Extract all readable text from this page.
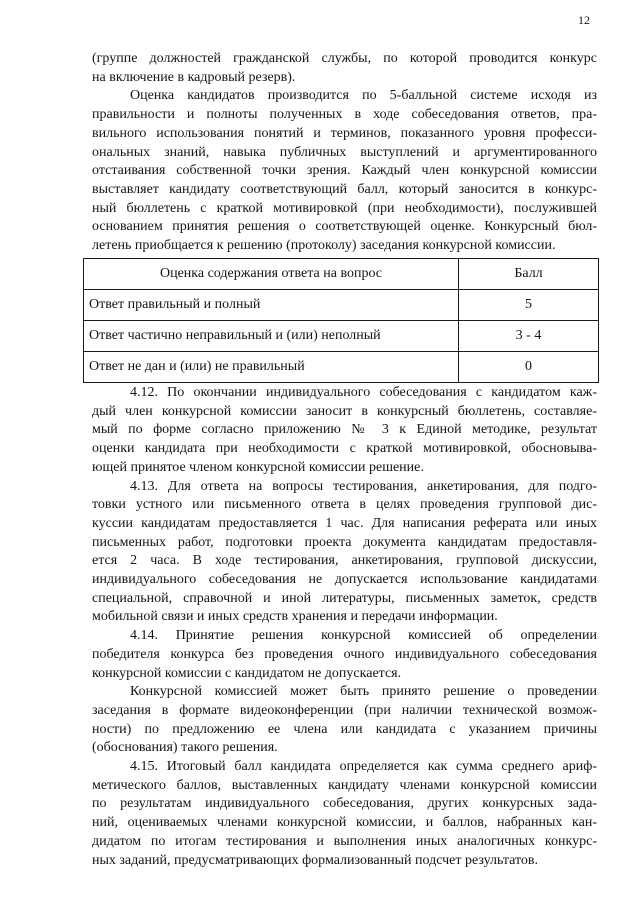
12

(группе должностей гражданской службы, по которой проводится конкурс
на включение в кадровый резерв).

Оценка кандидатов производится по 5-балльной системе исходя из
правильности и полноты полученных в ходе собеседования ответов, пра-
вильного использования понятий и терминов, показанного уровня професси-
ональных знаний, навыка публичных выступлений и аргументированного
отстаивания собственной точки зрения. Каждый член конкурсной комиссии
выставляет кандидату соответствующий балл, который заносится в конкурс-
ный бюллетень с краткой мотивировкой (при необходимости), послужившей
основанием принятия решения о соответствующей оценке. Конкурсный бюл-
летень приобщается к решению (протоколу) заседания конкурсной комиссии.

Оценка содержания ответа на вопрос	Балл
Ответ правильный и полный	5
Ответ частично неправильный и (или) неполный	3 - 4
Ответ не дан и (или) не правильный	0

4.12. По окончании индивидуального собеседования с кандидатом каж-
дый член конкурсной комиссии заносит в конкурсный бюллетень, составляе-
мый по форме согласно приложению № 3 к Единой методике, результат
оценки кандидата при необходимости с краткой мотивировкой, обосновыва-
ющей принятое членом конкурсной комиссии решение.

4.13. Для ответа на вопросы тестирования, анкетирования, для подго-
товки устного или письменного ответа в целях проведения групповой дис-
куссии кандидатам предоставляется 1 час. Для написания реферата или иных
письменных работ, подготовки проекта документа кандидатам предоставля-
ется 2 часа. В ходе тестирования, анкетирования, групповой дискуссии,
индивидуального собеседования не допускается использование кандидатами
специальной, справочной и иной литературы, письменных заметок, средств
мобильной связи и иных средств хранения и передачи информации.

4.14. Принятие решения конкурсной комиссией об определении
победителя конкурса без проведения очного индивидуального собеседования
конкурсной комиссии с кандидатом не допускается.

Конкурсной комиссией может быть принято решение о проведении
заседания в формате видеоконференции (при наличии технической возмож-
ности) по предложению ее члена или кандидата с указанием причины
(обоснования) такого решения.

4.15. Итоговый балл кандидата определяется как сумма среднего ариф-
метического баллов, выставленных кандидату членами конкурсной комиссии
по результатам индивидуального собеседования, других конкурсных зада-
ний, оцениваемых членами конкурсной комиссии, и баллов, набранных кан-
дидатом по итогам тестирования и выполнения иных аналогичных конкурс-
ных заданий, предусматривающих формализованный подсчет результатов.
